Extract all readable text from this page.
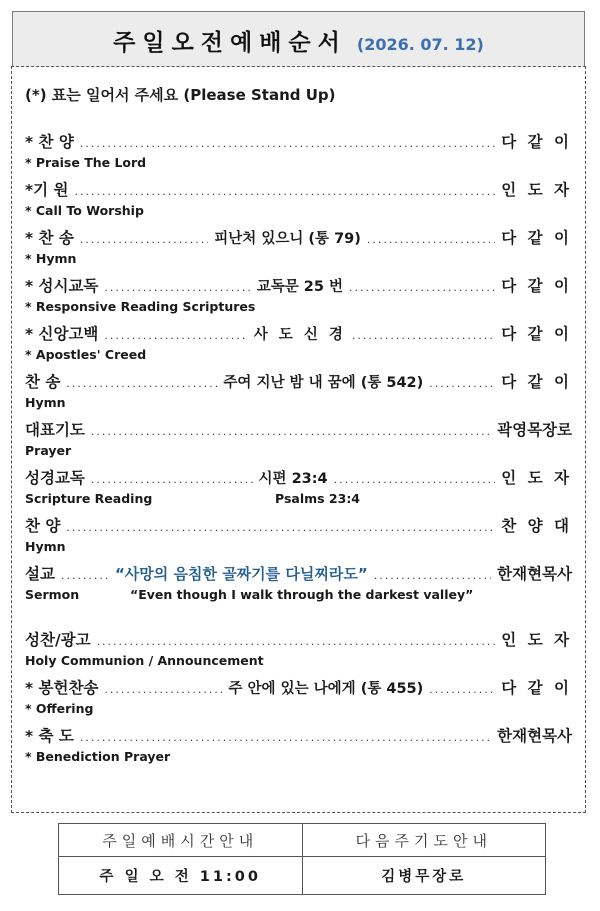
주일오전예배순서 (2026. 07. 12)
(*) 표는 일어서 주세요 (Please Stand Up)
* 찬 양 .....	다 같 이
* Praise The Lord
*기 원 .....	인 도 자
* Call To Worship
* 찬 송 .....	피난처 있으니 (통 79) .....	다 같 이
* Hymn
* 성시교독 .....	교독문 25 번 .....	다 같 이
* Responsive Reading Scriptures
* 신앙고백 .....	사 도 신 경 .....	다 같 이
* Apostles' Creed
찬 송 .....	주여 지난 밤 내 꿈에 (통 542) .....	다 같 이
Hymn
대표기도 .....	곽영목장로
Prayer
성경교독 .....	시편 23:4 .....	인 도 자
Scripture Reading	Psalms 23:4
찬 양 .....	찬 양 대
Hymn
설교 .....	“사망의 음침한 골짜기를 다닐찌라도” .....	한재현목사
Sermon	“Even though I walk through the darkest valley”
성찬/광고 .....	인 도 자
Holy Communion / Announcement
* 봉헌찬송 .....	주 안에 있는 나에게 (통 455) .....	다 같 이
* Offering
* 축 도 .....	한재현목사
* Benediction Prayer
주일예배시간안내	다음주기도안내
주 일 오 전 11:00	김병무장로
